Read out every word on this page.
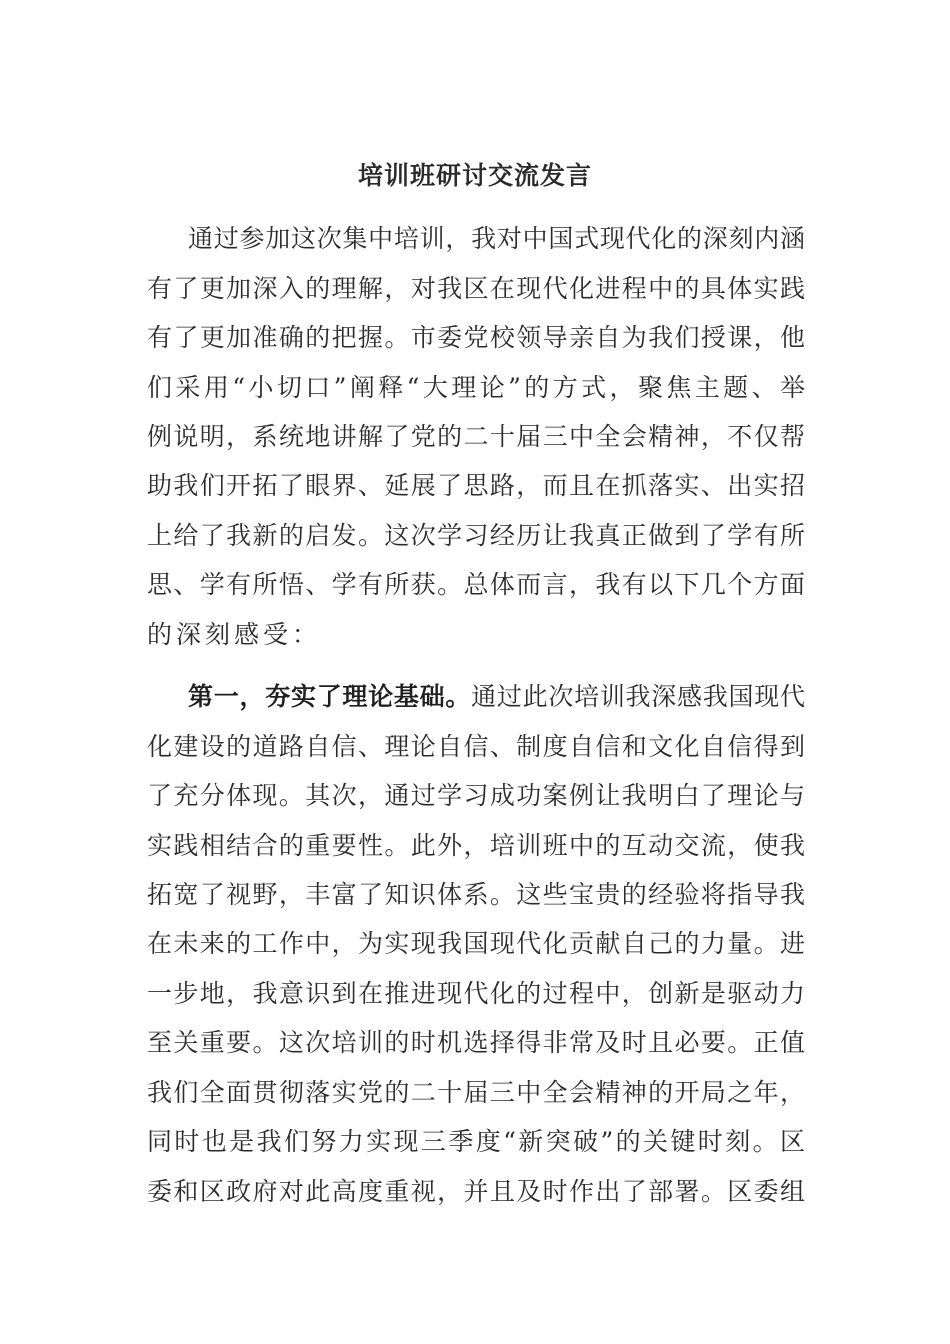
培训班研讨交流发言
通过参加这次集中培训，我对中国式现代化的深刻内涵
有了更加深入的理解，对我区在现代化进程中的具体实践
有了更加准确的把握。市委党校领导亲自为我们授课，他
们采用“小切口”阐释“大理论”的方式，聚焦主题、举
例说明，系统地讲解了党的二十届三中全会精神，不仅帮
助我们开拓了眼界、延展了思路，而且在抓落实、出实招
上给了我新的启发。这次学习经历让我真正做到了学有所
思、学有所悟、学有所获。总体而言，我有以下几个方面
的深刻感受：
第一，夯实了理论基础。通过此次培训我深感我国现代
化建设的道路自信、理论自信、制度自信和文化自信得到
了充分体现。其次，通过学习成功案例让我明白了理论与
实践相结合的重要性。此外，培训班中的互动交流，使我
拓宽了视野，丰富了知识体系。这些宝贵的经验将指导我
在未来的工作中，为实现我国现代化贡献自己的力量。进
一步地，我意识到在推进现代化的过程中，创新是驱动力
至关重要。这次培训的时机选择得非常及时且必要。正值
我们全面贯彻落实党的二十届三中全会精神的开局之年，
同时也是我们努力实现三季度“新突破”的关键时刻。区
委和区政府对此高度重视，并且及时作出了部署。区委组
